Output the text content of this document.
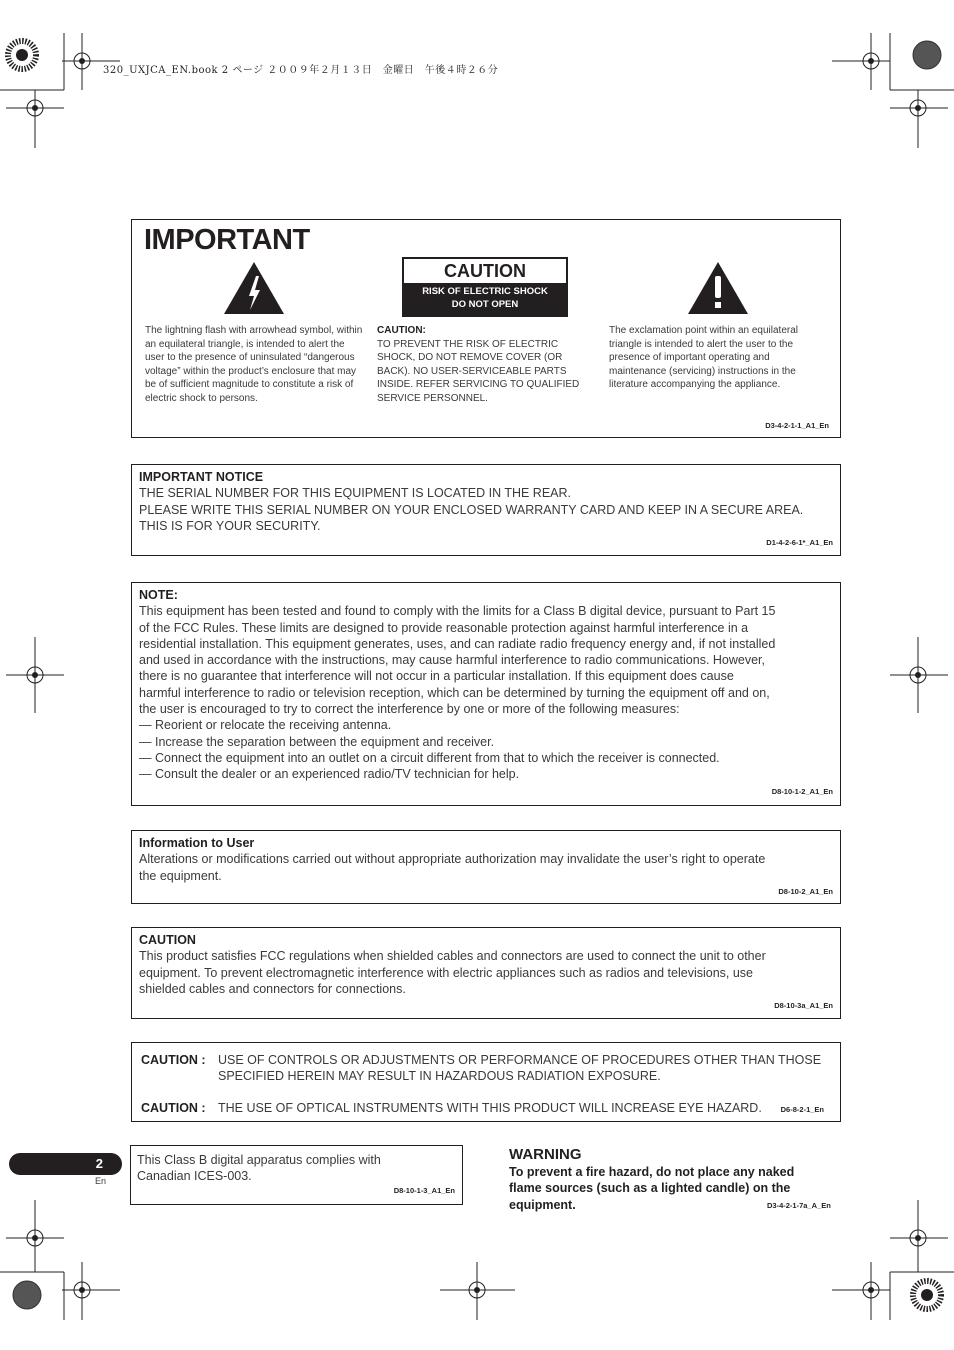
320_UXJCA_EN.book 2 ページ ２００９年２月１３日　金曜日　午後４時２６分
IMPORTANT
CAUTION
RISK OF ELECTRIC SHOCK
DO NOT OPEN
The lightning flash with arrowhead symbol, within an equilateral triangle, is intended to alert the user to the presence of uninsulated “dangerous voltage” within the product’s enclosure that may be of sufficient magnitude to constitute a risk of electric shock to persons.
CAUTION:
TO PREVENT THE RISK OF ELECTRIC SHOCK, DO NOT REMOVE COVER (OR BACK). NO USER-SERVICEABLE PARTS INSIDE. REFER SERVICING TO QUALIFIED SERVICE PERSONNEL.
The exclamation point within an equilateral triangle is intended to alert the user to the presence of important operating and maintenance (servicing) instructions in the literature accompanying the appliance.
D3-4-2-1-1_A1_En
IMPORTANT NOTICE
THE SERIAL NUMBER FOR THIS EQUIPMENT IS LOCATED IN THE REAR.
PLEASE WRITE THIS SERIAL NUMBER ON YOUR ENCLOSED WARRANTY CARD AND KEEP IN A SECURE AREA.
THIS IS FOR YOUR SECURITY.
D1-4-2-6-1*_A1_En
NOTE:
This equipment has been tested and found to comply with the limits for a Class B digital device, pursuant to Part 15
of the FCC Rules. These limits are designed to provide reasonable protection against harmful interference in a
residential installation. This equipment generates, uses, and can radiate radio frequency energy and, if not installed
and used in accordance with the instructions, may cause harmful interference to radio communications. However,
there is no guarantee that interference will not occur in a particular installation. If this equipment does cause
harmful interference to radio or television reception, which can be determined by turning the equipment off and on,
the user is encouraged to try to correct the interference by one or more of the following measures:
— Reorient or relocate the receiving antenna.
— Increase the separation between the equipment and receiver.
— Connect the equipment into an outlet on a circuit different from that to which the receiver is connected.
— Consult the dealer or an experienced radio/TV technician for help.
D8-10-1-2_A1_En
Information to User
Alterations or modifications carried out without appropriate authorization may invalidate the user’s right to operate
the equipment.
D8-10-2_A1_En
CAUTION
This product satisfies FCC regulations when shielded cables and connectors are used to connect the unit to other
equipment. To prevent electromagnetic interference with electric appliances such as radios and televisions, use
shielded cables and connectors for connections.
D8-10-3a_A1_En
CAUTION : USE OF CONTROLS OR ADJUSTMENTS OR PERFORMANCE OF PROCEDURES OTHER THAN THOSE
SPECIFIED HEREIN MAY RESULT IN HAZARDOUS RADIATION EXPOSURE.
CAUTION : THE USE OF OPTICAL INSTRUMENTS WITH THIS PRODUCT WILL INCREASE EYE HAZARD.	D6-8-2-1_En
2
En
This Class B digital apparatus complies with
Canadian ICES-003.
D8-10-1-3_A1_En
WARNING
To prevent a fire hazard, do not place any naked
flame sources (such as a lighted candle) on the
equipment.	D3-4-2-1-7a_A_En
